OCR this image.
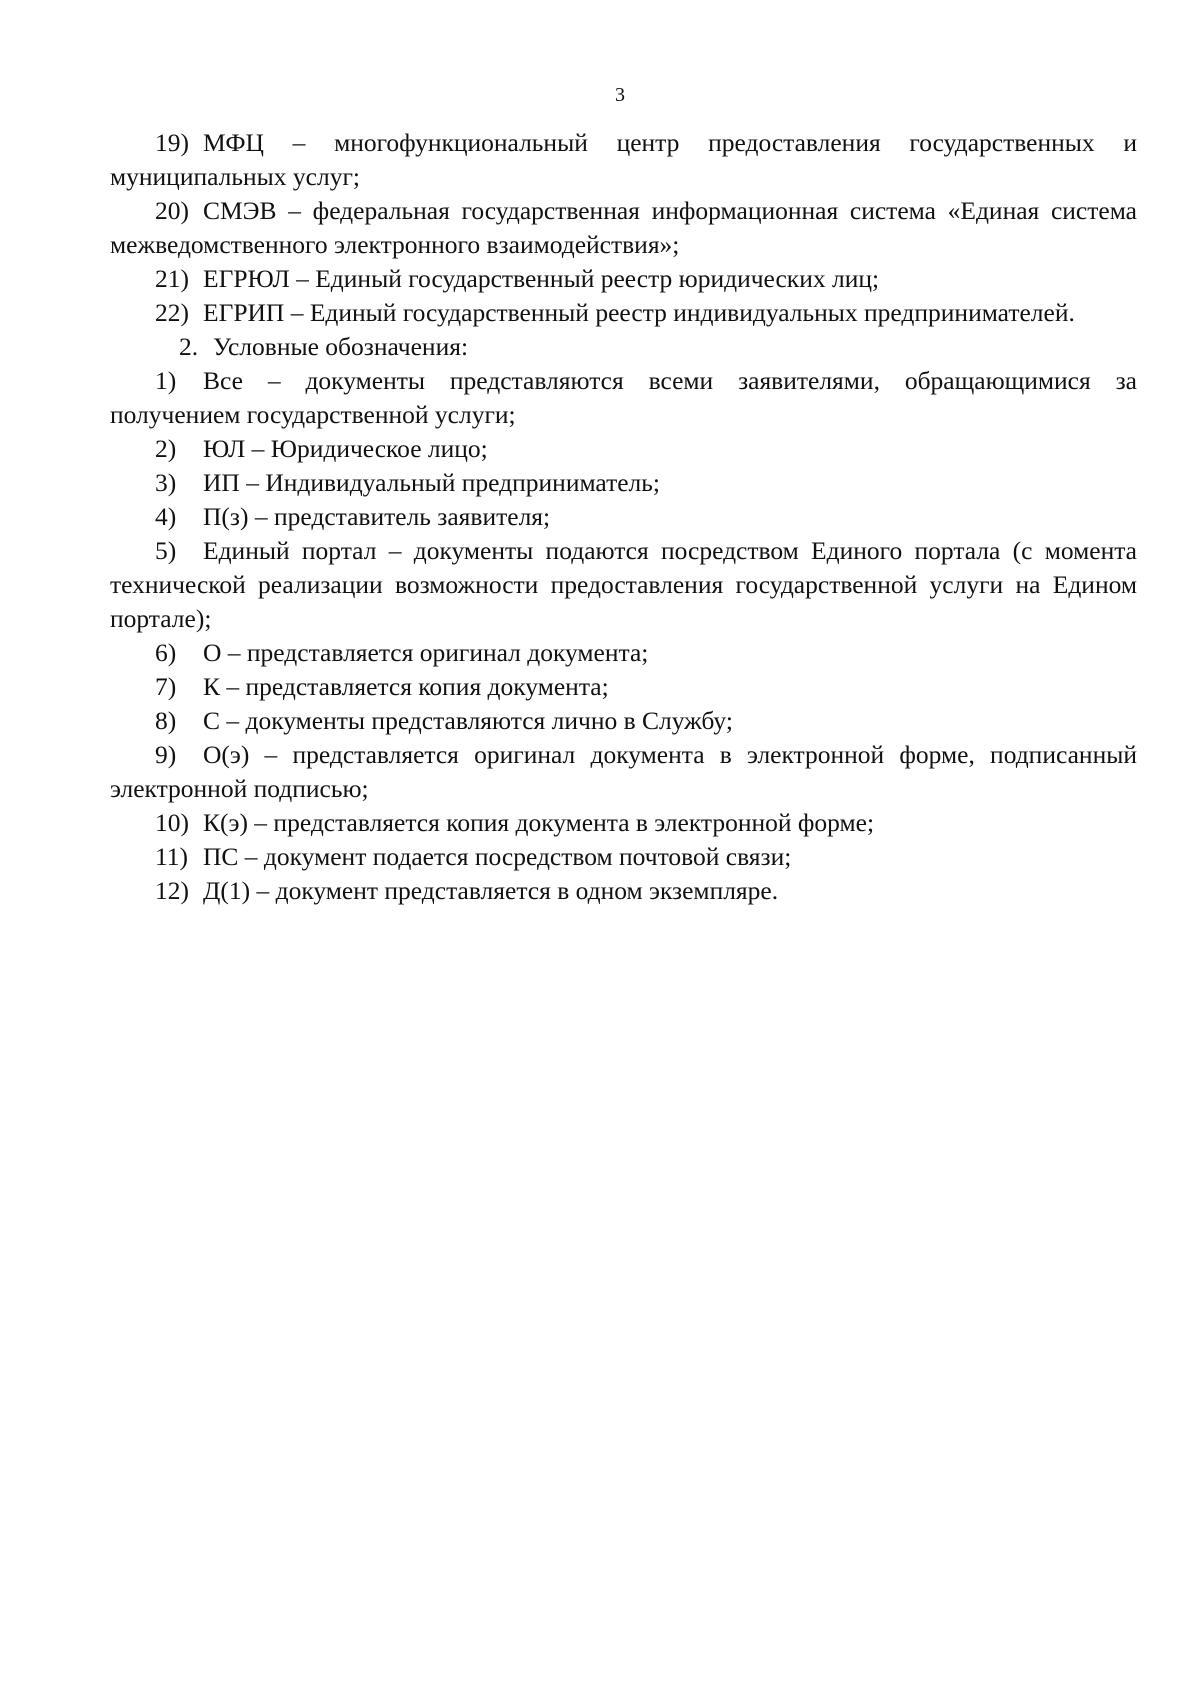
3

19) МФЦ – многофункциональный центр предоставления государственных и муниципальных услуг;

20) СМЭВ – федеральная государственная информационная система «Единая система межведомственного электронного взаимодействия»;

21) ЕГРЮЛ – Единый государственный реестр юридических лиц;

22) ЕГРИП – Единый государственный реестр индивидуальных предпринимателей.

2. Условные обозначения:

1) Все – документы представляются всеми заявителями, обращающимися за получением государственной услуги;

2) ЮЛ – Юридическое лицо;

3) ИП – Индивидуальный предприниматель;

4) П(з) – представитель заявителя;

5) Единый портал – документы подаются посредством Единого портала (с момента технической реализации возможности предоставления государственной услуги на Едином портале);

6) О – представляется оригинал документа;

7) К – представляется копия документа;

8) С – документы представляются лично в Службу;

9) О(э) – представляется оригинал документа в электронной форме, подписанный электронной подписью;

10) К(э) – представляется копия документа в электронной форме;

11) ПС – документ подается посредством почтовой связи;

12) Д(1) – документ представляется в одном экземпляре.
